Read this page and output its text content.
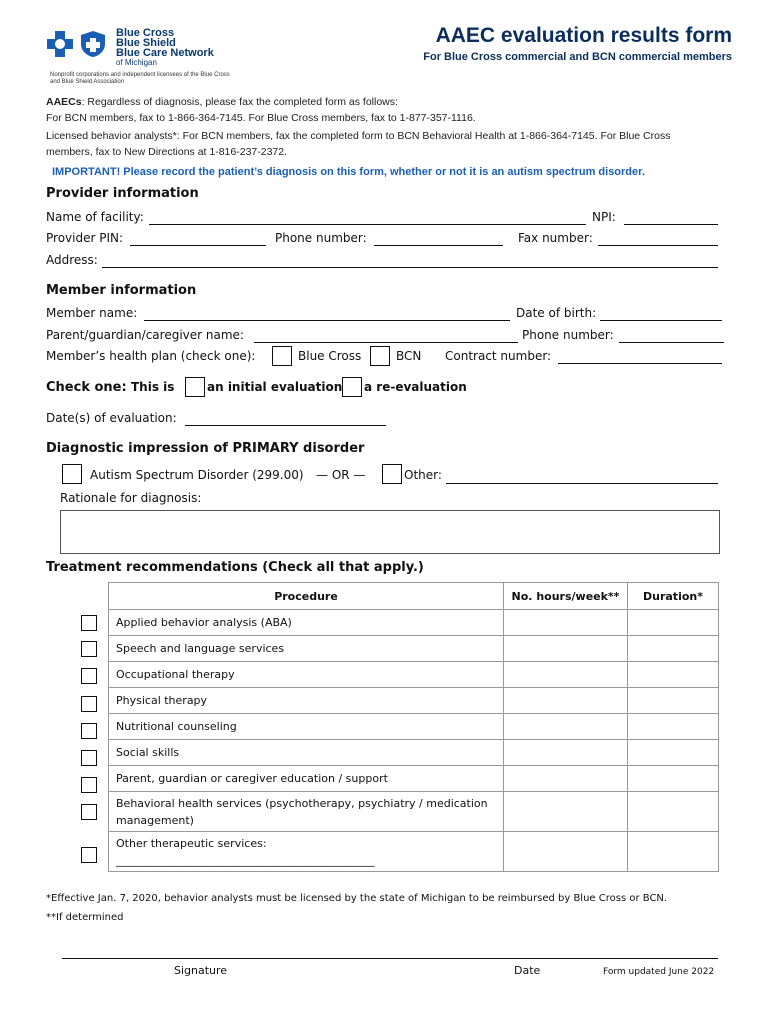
Blue Cross
Blue Shield
Blue Care Network
of Michigan
Nonprofit corporations and independent licensees of the Blue Cross and Blue Shield Association
AAEC evaluation results form
For Blue Cross commercial and BCN commercial members
AAECs: Regardless of diagnosis, please fax the completed form as follows:
For BCN members, fax to 1-866-364-7145. For Blue Cross members, fax to 1-877-357-1116.
Licensed behavior analysts*: For BCN members, fax the completed form to BCN Behavioral Health at 1-866-364-7145. For Blue Cross
members, fax to New Directions at 1-816-237-2372.
IMPORTANT! Please record the patient’s diagnosis on this form, whether or not it is an autism spectrum disorder.
Provider information
Name of facility:	NPI:
Provider PIN:	Phone number:	Fax number:
Address:
Member information
Member name:	Date of birth:
Parent/guardian/caregiver name:	Phone number:
Member’s health plan (check one):	Blue Cross	BCN Contract number:
Check one: This is	an initial evaluation a re-evaluation
Date(s) of evaluation:
Diagnostic impression of PRIMARY disorder
Autism Spectrum Disorder (299.00) — OR —	Other:
Rationale for diagnosis:
Treatment recommendations (Check all that apply.)
Procedure	No. hours/week**	Duration*
Applied behavior analysis (ABA)		
Speech and language services		
Occupational therapy		
Physical therapy		
Nutritional counseling		
Social skills		
Parent, guardian or caregiver education / support		
Behavioral health services (psychotherapy, psychiatry / medication management)		

Other therapeutic services:
_______________________________________________		

*Effective Jan. 7, 2020, behavior analysts must be licensed by the state of Michigan to be reimbursed by Blue Cross or BCN.
**If determined
Signature	Date	Form updated June 2022
